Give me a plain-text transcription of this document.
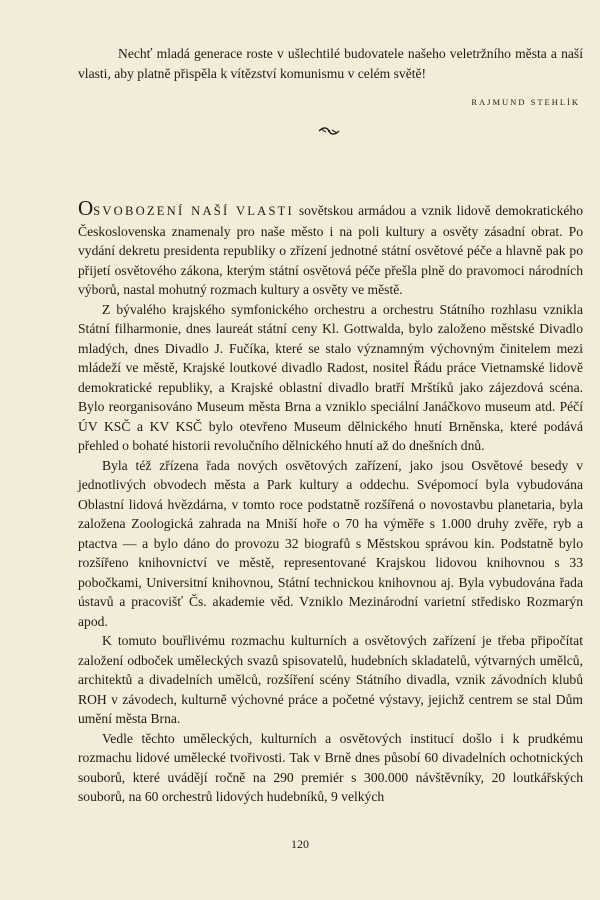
Nechť mladá generace roste v ušlechtilé budovatele našeho veletržního města a naší vlasti, aby platně přispěla k vítězství komunismu v celém světě!
RAJMUND STEHLÍK

OSVOBOZENÍ NAŠÍ VLASTI sovětskou armádou a vznik lidově demokratického Československa znamenaly pro naše město i na poli kultury a osvěty zásadní obrat. Po vydání dekretu presidenta republiky o zřízení jednotné státní osvětové péče a hlavně pak po přijetí osvětového zákona, kterým státní osvětová péče přešla plně do pravomoci národních výborů, nastal mohutný rozmach kultury a osvěty ve městě.

Z bývalého krajského symfonického orchestru a orchestru Státního rozhlasu vznikla Státní filharmonie, dnes laureát státní ceny Kl. Gottwalda, bylo založeno městské Divadlo mladých, dnes Divadlo J. Fučíka, které se stalo významným výchovným činitelem mezi mládeží ve městě, Krajské loutkové divadlo Radost, nositel Řádu práce Vietnamské lidově demokratické republiky, a Krajské oblastní divadlo bratří Mrštíků jako zájezdová scéna. Bylo reorganisováno Museum města Brna a vzniklo speciální Janáčkovo museum atd. Péčí ÚV KSČ a KV KSČ bylo otevřeno Museum dělnického hnutí Brněnska, které podává přehled o bohaté historii revolučního dělnického hnutí až do dnešních dnů.

Byla též zřízena řada nových osvětových zařízení, jako jsou Osvětové besedy v jednotlivých obvodech města a Park kultury a oddechu. Svépomocí byla vybudována Oblastní lidová hvězdárna, v tomto roce podstatně rozšířená o novostavbu planetaria, byla založena Zoologická zahrada na Mniší hoře o 70 ha výměře s 1.000 druhy zvěře, ryb a ptactva — a bylo dáno do provozu 32 biografů s Městskou správou kin. Podstatně bylo rozšířeno knihovnictví ve městě, representované Krajskou lidovou knihovnou s 33 pobočkami, Universitní knihovnou, Státní technickou knihovnou aj. Byla vybudována řada ústavů a pracovišť Čs. akademie věd. Vzniklo Mezinárodní varietní středisko Rozmarýn apod.

K tomuto bouřlivému rozmachu kulturních a osvětových zařízení je třeba připočítat založení odboček uměleckých svazů spisovatelů, hudebních skladatelů, výtvarných umělců, architektů a divadelních umělců, rozšíření scény Státního divadla, vznik závodních klubů ROH v závodech, kulturně výchovné práce a početné výstavy, jejichž centrem se stal Dům umění města Brna.

Vedle těchto uměleckých, kulturních a osvětových institucí došlo i k prudkému rozmachu lidové umělecké tvořivosti. Tak v Brně dnes působí 60 divadelních ochotnických souborů, které uvádějí ročně na 290 premiér s 300.000 návštěvníky, 20 loutkářských souborů, na 60 orchestrů lidových hudebníků, 9 velkých

120
